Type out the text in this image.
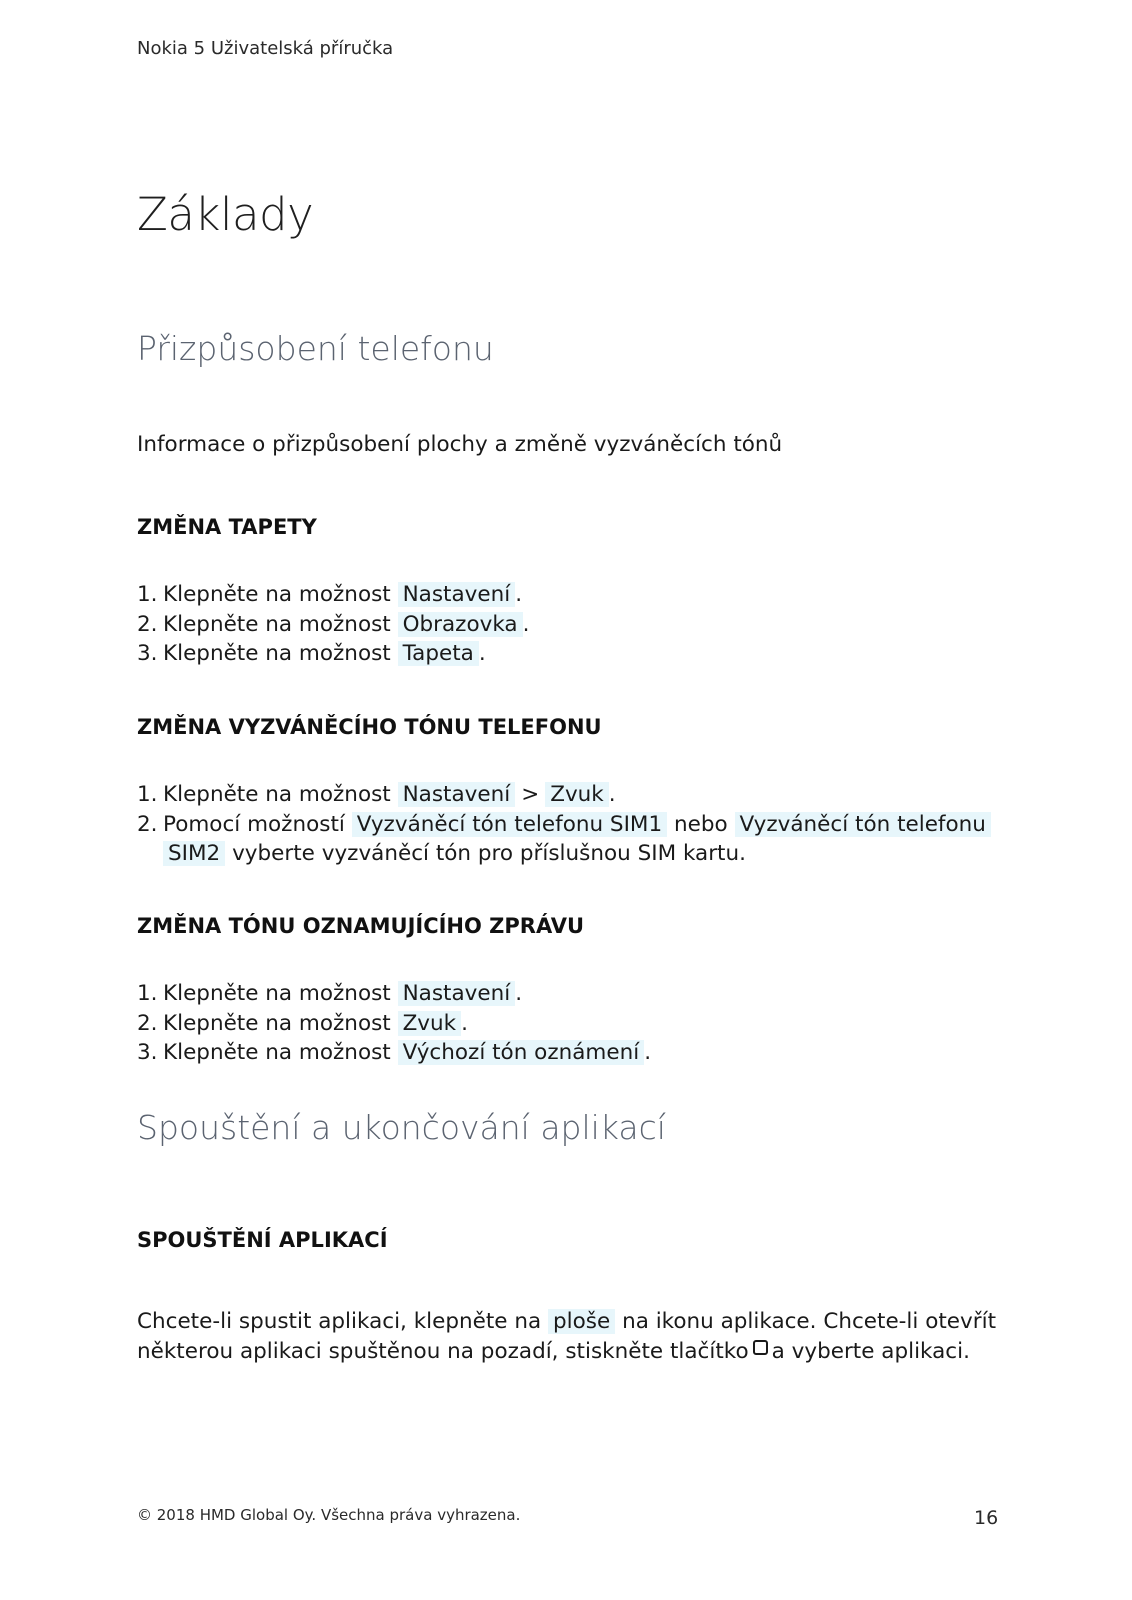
Nokia 5 Uživatelská příručka
Základy
Přizpůsobení telefonu
Informace o přizpůsobení plochy a změně vyzváněcích tónů
ZMĚNA TAPETY
1. Klepněte na možnost Nastavení .
2. Klepněte na možnost Obrazovka .
3. Klepněte na možnost Tapeta .
ZMĚNA VYZVÁNĚCÍHO TÓNU TELEFONU
1. Klepněte na možnost Nastavení > Zvuk .
2. Pomocí možností Vyzváněcí tón telefonu SIM1 nebo Vyzváněcí tón telefonu
SIM2 vyberte vyzváněcí tón pro příslušnou SIM kartu.
ZMĚNA TÓNU OZNAMUJÍCÍHO ZPRÁVU
1. Klepněte na možnost Nastavení .
2. Klepněte na možnost Zvuk .
3. Klepněte na možnost Výchozí tón oznámení .
Spouštění a ukončování aplikací
SPOUŠTĚNÍ APLIKACÍ
Chcete-li spustit aplikaci, klepněte na ploše na ikonu aplikace. Chcete-li otevřít
některou aplikaci spuštěnou na pozadí, stiskněte tlačítko a vyberte aplikaci.
© 2018 HMD Global Oy. Všechna práva vyhrazena.	16
